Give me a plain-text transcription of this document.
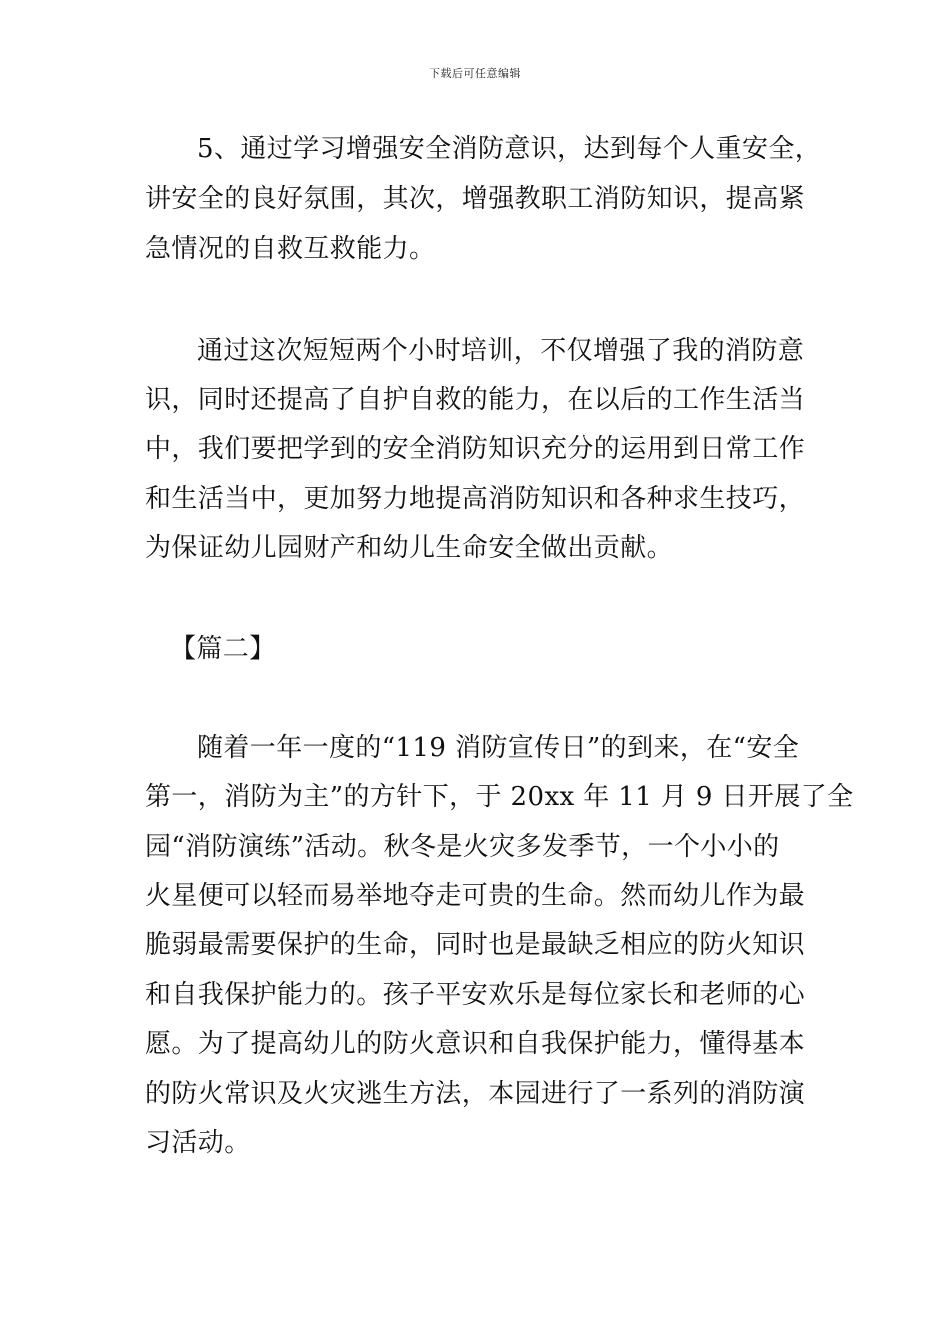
下载后可任意编辑
5、通过学习增强安全消防意识，达到每个人重安全，
讲安全的良好氛围，其次，增强教职工消防知识，提高紧
急情况的自救互救能力。
通过这次短短两个小时培训，不仅增强了我的消防意
识，同时还提高了自护自救的能力，在以后的工作生活当
中，我们要把学到的安全消防知识充分的运用到日常工作
和生活当中，更加努力地提高消防知识和各种求生技巧，
为保证幼儿园财产和幼儿生命安全做出贡献。
【篇二】
随着一年一度的“119 消防宣传日”的到来，在“安全
第一，消防为主”的方针下，于 20xx 年 11 月 9 日开展了全
园“消防演练”活动。秋冬是火灾多发季节，一个小小的
火星便可以轻而易举地夺走可贵的生命。然而幼儿作为最
脆弱最需要保护的生命，同时也是最缺乏相应的防火知识
和自我保护能力的。孩子平安欢乐是每位家长和老师的心
愿。为了提高幼儿的防火意识和自我保护能力，懂得基本
的防火常识及火灾逃生方法，本园进行了一系列的消防演
习活动。
